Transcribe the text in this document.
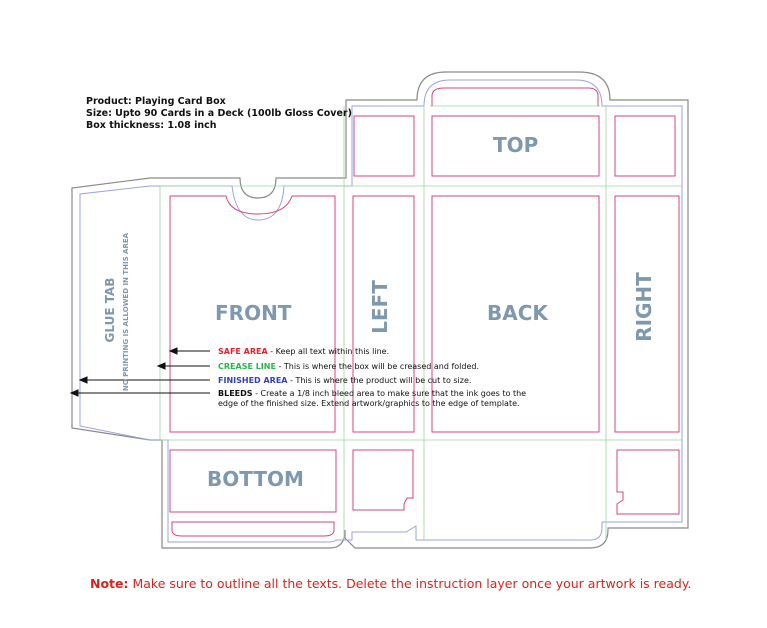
Product: Playing Card Box
Size: Upto 90 Cards in a Deck (100lb Gloss Cover)
Box thickness: 1.08 inch
TOP
FRONT	BACK
BOTTOM
LEFT	RIGHT
GLUE TAB NO PRINTING IS ALLOWED IN THIS AREA	SAFE AREA - Keep all text within this line.
CREASE LINE - This is where the box will be creased and folded.
FINISHED AREA - This is where the product will be cut to size.
BLEEDS - Create a 1/8 inch bleed area to make sure that the ink goes to the
edge of the finished size. Extend artwork/graphics to the edge of template.
Note: Make sure to outline all the texts. Delete the instruction layer once your artwork is ready.
